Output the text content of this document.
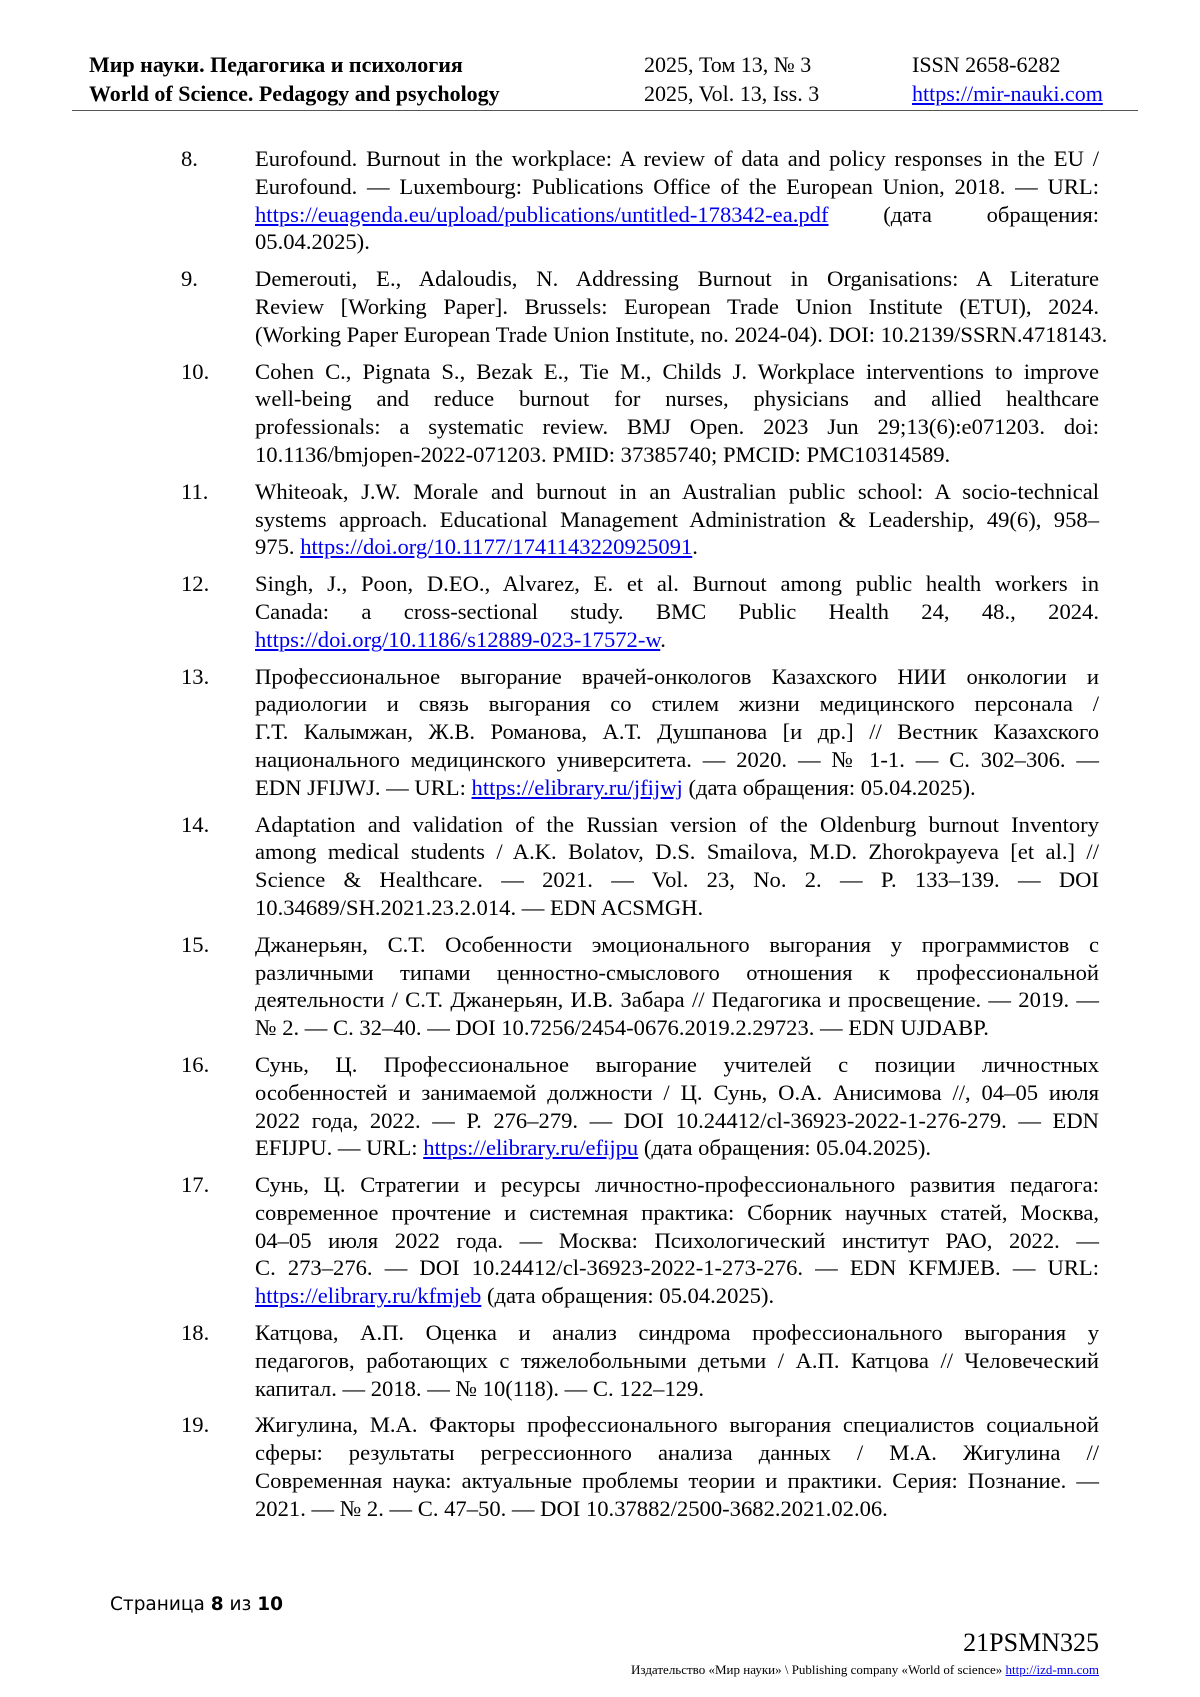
Мир науки. Педагогика и психология	2025, Том 13, № 3	ISSN 2658-6282
World of Science. Pedagogy and psychology	2025, Vol. 13, Iss. 3	https://mir-nauki.com
8.	Eurofound. Burnout in the workplace: A review of data and policy responses in the EU /
Eurofound. — Luxembourg: Publications Office of the European Union, 2018. — URL:
https://euagenda.eu/upload/publications/untitled-178342-ea.pdf (дата обращения:
05.04.2025).
9.	Demerouti, E., Adaloudis, N. Addressing Burnout in Organisations: A Literature
Review [Working Paper]. Brussels: European Trade Union Institute (ETUI), 2024.
(Working Paper European Trade Union Institute, no. 2024-04). DOI: 10.2139/SSRN.4718143.
10. Cohen C., Pignata S., Bezak E., Tie M., Childs J. Workplace interventions to improve
well-being and reduce burnout for nurses, physicians and allied healthcare
professionals: a systematic review. BMJ Open. 2023 Jun 29;13(6):e071203. doi:
10.1136/bmjopen-2022-071203. PMID: 37385740; PMCID: PMC10314589.
11. Whiteoak, J.W. Morale and burnout in an Australian public school: A socio-technical
systems approach. Educational Management Administration & Leadership, 49(6), 958–
975. https://doi.org/10.1177/1741143220925091.
12. Singh, J., Poon, D.EO., Alvarez, E. et al. Burnout among public health workers in
Canada: a cross-sectional study. BMC Public Health 24, 48., 2024.
https://doi.org/10.1186/s12889-023-17572-w.
13. Профессиональное выгорание врачей-онкологов Казахского НИИ онкологии и
радиологии и связь выгорания со стилем жизни медицинского персонала /
Г.Т. Калымжан, Ж.В. Романова, А.Т. Душпанова [и др.] // Вестник Казахского
национального медицинского университета. — 2020. — № 1-1. — С. 302–306. —
EDN JFIJWJ. — URL: https://elibrary.ru/jfijwj (дата обращения: 05.04.2025).
14. Adaptation and validation of the Russian version of the Oldenburg burnout Inventory
among medical students / A.K. Bolatov, D.S. Smailova, M.D. Zhorokpayeva [et al.] //
Science & Healthcare. — 2021. — Vol. 23, No. 2. — P. 133–139. — DOI
10.34689/SH.2021.23.2.014. — EDN ACSMGH.
15. Джанерьян, С.Т. Особенности эмоционального выгорания у программистов с
различными типами ценностно-смыслового отношения к профессиональной
деятельности / С.Т. Джанерьян, И.В. Забара // Педагогика и просвещение. — 2019. —
№ 2. — С. 32–40. — DOI 10.7256/2454-0676.2019.2.29723. — EDN UJDABP.
16. Сунь, Ц. Профессиональное выгорание учителей с позиции личностных
особенностей и занимаемой должности / Ц. Сунь, О.А. Анисимова //, 04–05 июля
2022 года, 2022. — Р. 276–279. — DOI 10.24412/cl-36923-2022-1-276-279. — EDN
EFIJPU. — URL: https://elibrary.ru/efijpu (дата обращения: 05.04.2025).
17. Сунь, Ц. Стратегии и ресурсы личностно-профессионального развития педагога:
современное прочтение и системная практика: Сборник научных статей, Москва,
04–05 июля 2022 года. — Москва: Психологический институт РАО, 2022. —
С. 273–276. — DOI 10.24412/cl-36923-2022-1-273-276. — EDN KFMJEB. — URL:
https://elibrary.ru/kfmjeb (дата обращения: 05.04.2025).
18. Катцова, А.П. Оценка и анализ синдрома профессионального выгорания у
педагогов, работающих с тяжелобольными детьми / А.П. Катцова // Человеческий
капитал. — 2018. — № 10(118). — С. 122–129.
19. Жигулина, М.А. Факторы профессионального выгорания специалистов социальной
сферы: результаты регрессионного анализа данных / М.А. Жигулина //
Современная наука: актуальные проблемы теории и практики. Серия: Познание. —
2021. — № 2. — С. 47–50. — DOI 10.37882/2500-3682.2021.02.06.
Страница 8 из 10
21PSMN325
Издательство «Мир науки» \ Publishing company «World of science» http://izd-mn.com
